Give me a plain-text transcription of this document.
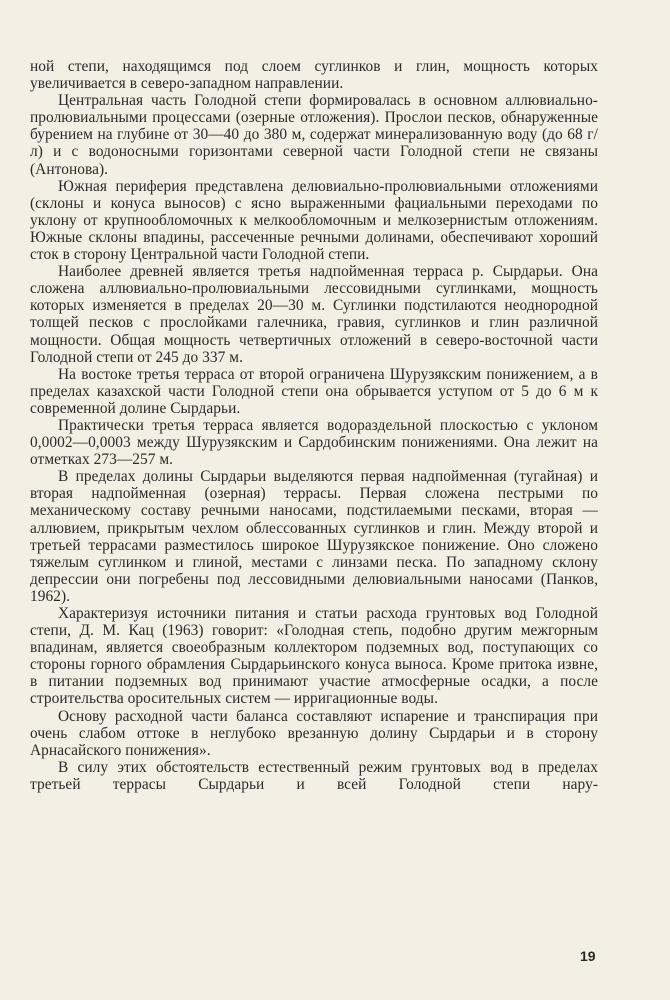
ной степи, находящимся под слоем суглинков и глин, мощность которых увеличивается в северо-западном направлении.

Центральная часть Голодной степи формировалась в основном аллювиально-пролювиальными процессами (озерные отложения). Прослои песков, обнаруженные бурением на глубине от 30—40 до 380 м, содержат минерализованную воду (до 68 г/л) и с водоносными горизонтами северной части Голодной степи не связаны (Антонова).

Южная периферия представлена делювиально-пролювиальными отложениями (склоны и конуса выносов) с ясно выраженными фациальными переходами по уклону от крупнообломочных к мелкообломочным и мелкозернистым отложениям. Южные склоны впадины, рассеченные речными долинами, обеспечивают хороший сток в сторону Центральной части Голодной степи.

Наиболее древней является третья надпойменная терраса р. Сырдарьи. Она сложена аллювиально-пролювиальными лессовидными суглинками, мощность которых изменяется в пределах 20—30 м. Суглинки подстилаются неоднородной толщей песков с прослойками галечника, гравия, суглинков и глин различной мощности. Общая мощность четвертичных отложений в северо-восточной части Голодной степи от 245 до 337 м.

На востоке третья терраса от второй ограничена Шурузякским понижением, а в пределах казахской части Голодной степи она обрывается уступом от 5 до 6 м к современной долине Сырдарьи.

Практически третья терраса является водораздельной плоскостью с уклоном 0,0002—0,0003 между Шурузякским и Сардобинским понижениями. Она лежит на отметках 273—257 м.

В пределах долины Сырдарьи выделяются первая надпойменная (тугайная) и вторая надпойменная (озерная) террасы. Первая сложена пестрыми по механическому составу речными наносами, подстилаемыми песками, вторая — аллювием, прикрытым чехлом облессованных суглинков и глин. Между второй и третьей террасами разместилось широкое Шурузякское понижение. Оно сложено тяжелым суглинком и глиной, местами с линзами песка. По западному склону депрессии они погребены под лессовидными делювиальными наносами (Панков, 1962).

Характеризуя источники питания и статьи расхода грунтовых вод Голодной степи, Д. М. Кац (1963) говорит: «Голодная степь, подобно другим межгорным впадинам, является своеобразным коллектором подземных вод, поступающих со стороны горного обрамления Сырдарьинского конуса выноса. Кроме притока извне, в питании подземных вод принимают участие атмосферные осадки, а после строительства оросительных систем — ирригационные воды.

Основу расходной части баланса составляют испарение и транспирация при очень слабом оттоке в неглубоко врезанную долину Сырдарьи и в сторону Арнасайского понижения».

В силу этих обстоятельств естественный режим грунтовых вод в пределах третьей террасы Сырдарьи и всей Голодной степи нару-

19
